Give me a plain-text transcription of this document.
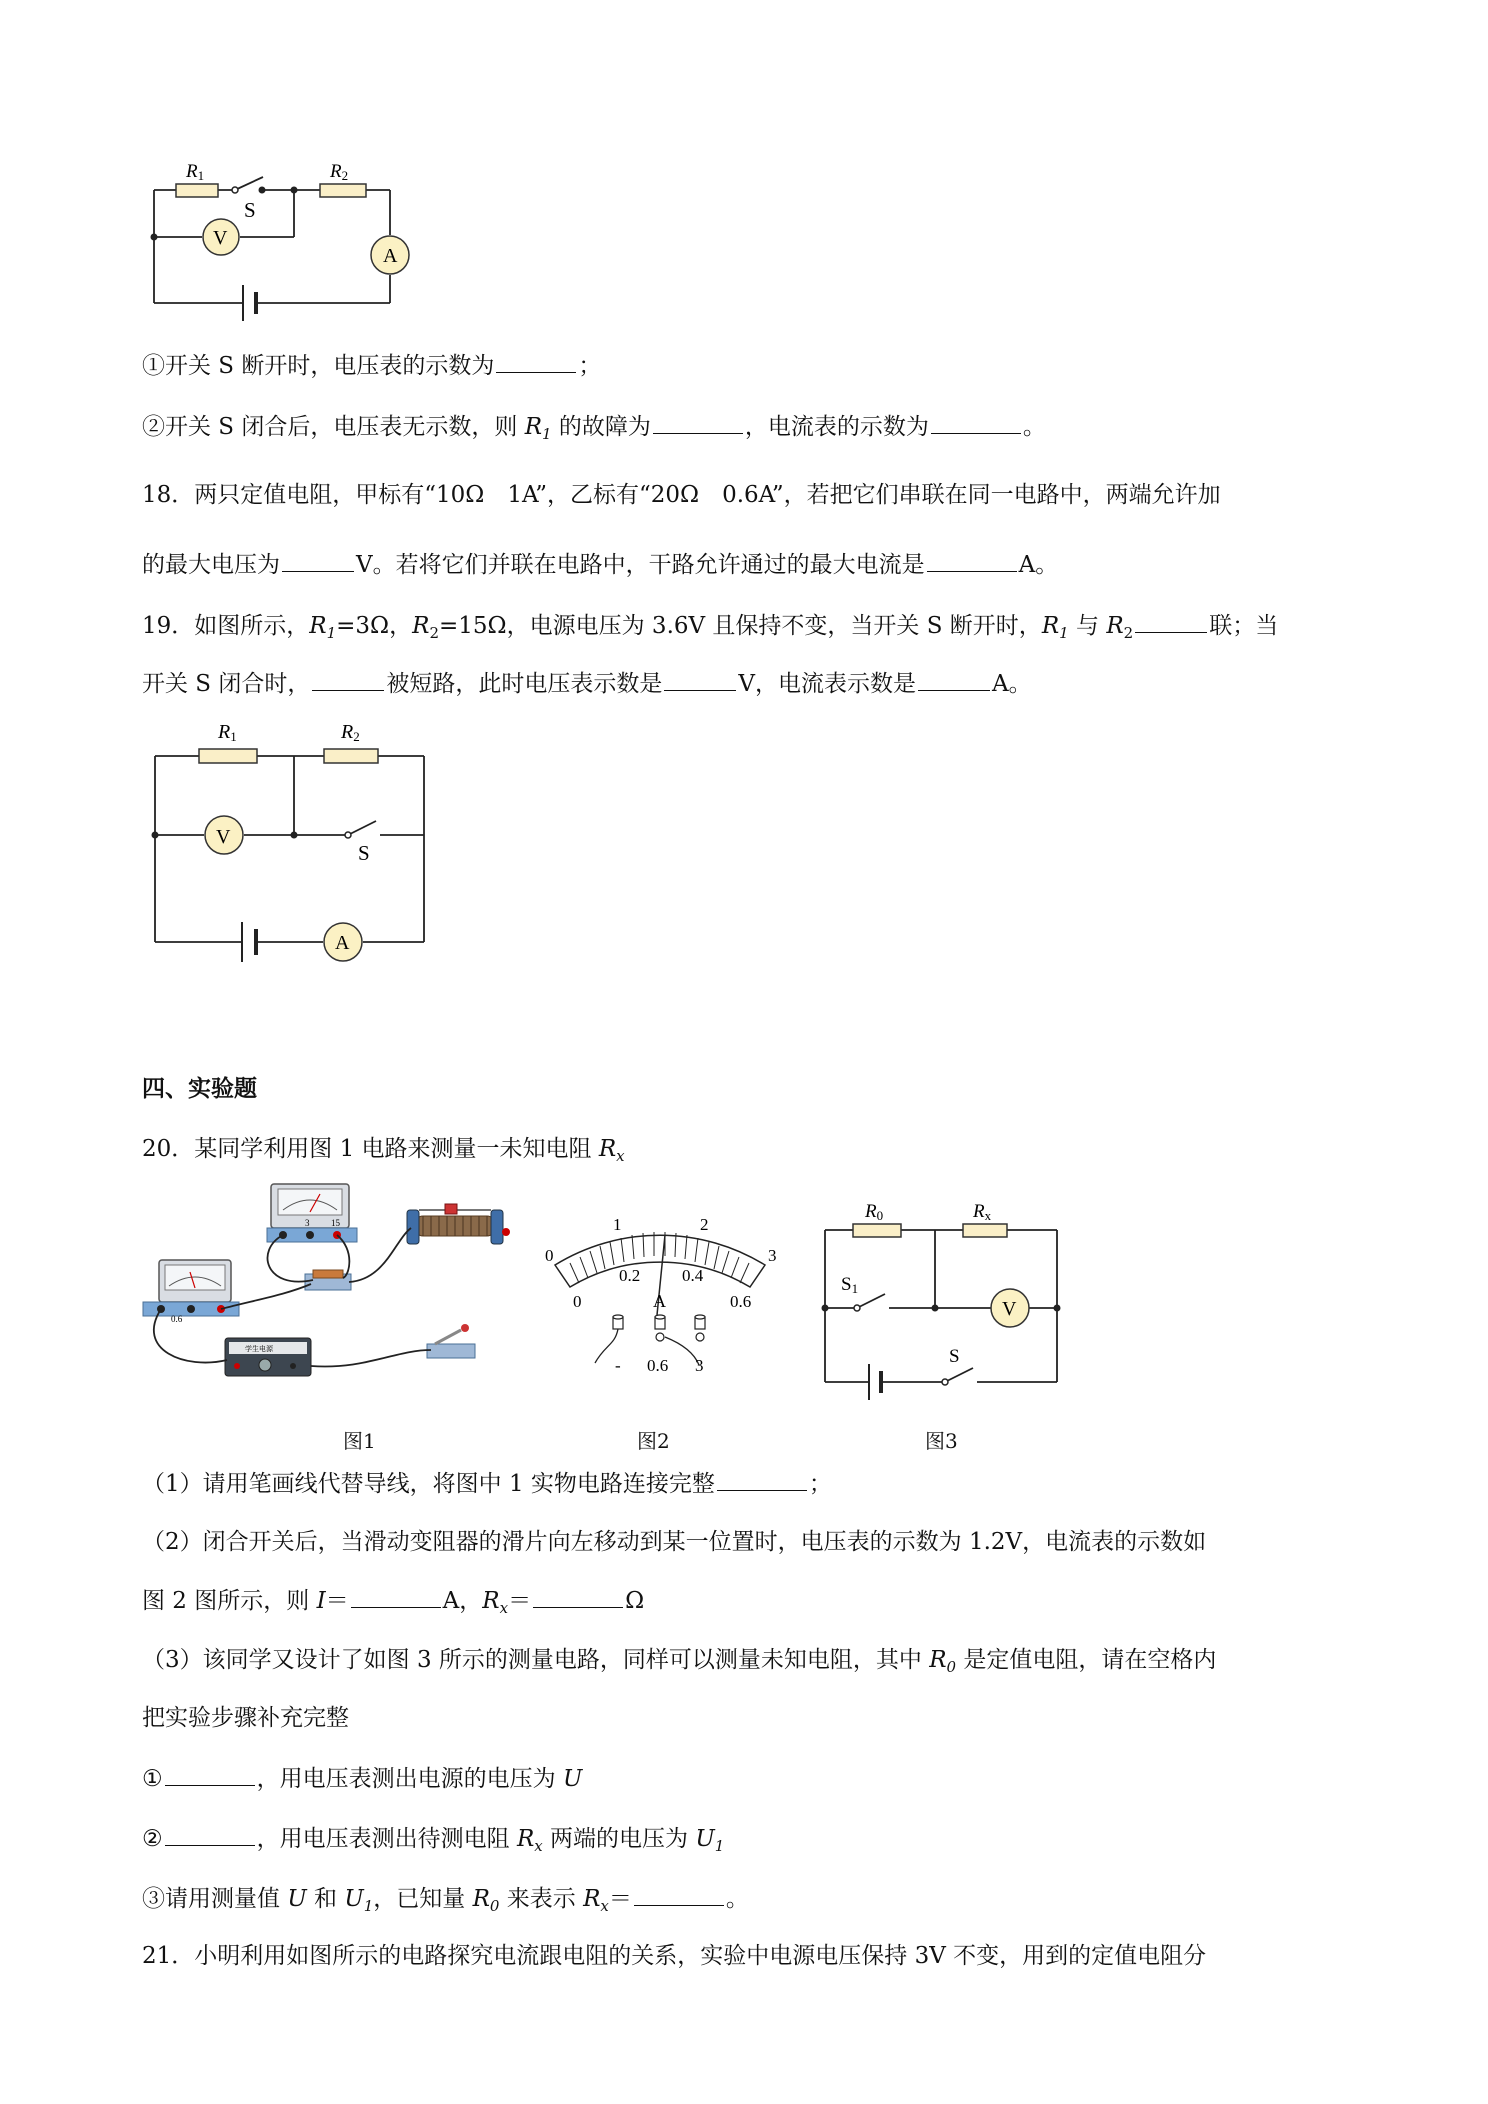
R1	R2
S
V
A
①开关 S 断开时，电压表的示数为	；
②开关 S 闭合后，电压表无示数，则 $R_1$ 的故障为	，电流表的示数为	。
18．两只定值电阻，甲标有“10Ω　1A”，乙标有“20Ω　0.6A”，若把它们串联在同一电路中，两端允许加
的最大电压为	V。若将它们并联在电路中，干路允许通过的最大电流是	A。
19．如图所示，$R_1=3\Omega$，$R_2=15\Omega$，电源电压为 3.6V 且保持不变，当开关 S 断开时，$R_1$ 与 $R_2$	联；当
开关 S 闭合时，	被短路，此时电压表示数是	V，电流表示数是	A。
R1	R2
V
S
A
四、实验题
20．某同学利用图 1 电路来测量一未知电阻 $R_x$
3 15
0.6
学生电源
0
1	2
3
0
0.2 0.4
0.6
A
- 0.6 3
R0	Rx
S1
V
S
图1	图2	图3
（1）请用笔画线代替导线，将图中 1 实物电路连接完整	；
（2）闭合开关后，当滑动变阻器的滑片向左移动到某一位置时，电压表的示数为 1.2V，电流表的示数如
图 2 图所示，则 I＝	A，$R_x=$	Ω
（3）该同学又设计了如图 3 所示的测量电路，同样可以测量未知电阻，其中 $R_0$ 是定值电阻，请在空格内
把实验步骤补充完整
①	，用电压表测出电源的电压为 U
②	，用电压表测出待测电阻 $R_x$ 两端的电压为 $U_1$
③请用测量值 U 和 $U_1$，已知量 $R_0$ 来表示 $R_x=$	。
21．小明利用如图所示的电路探究电流跟电阻的关系，实验中电源电压保持 3V 不变，用到的定值电阻分
